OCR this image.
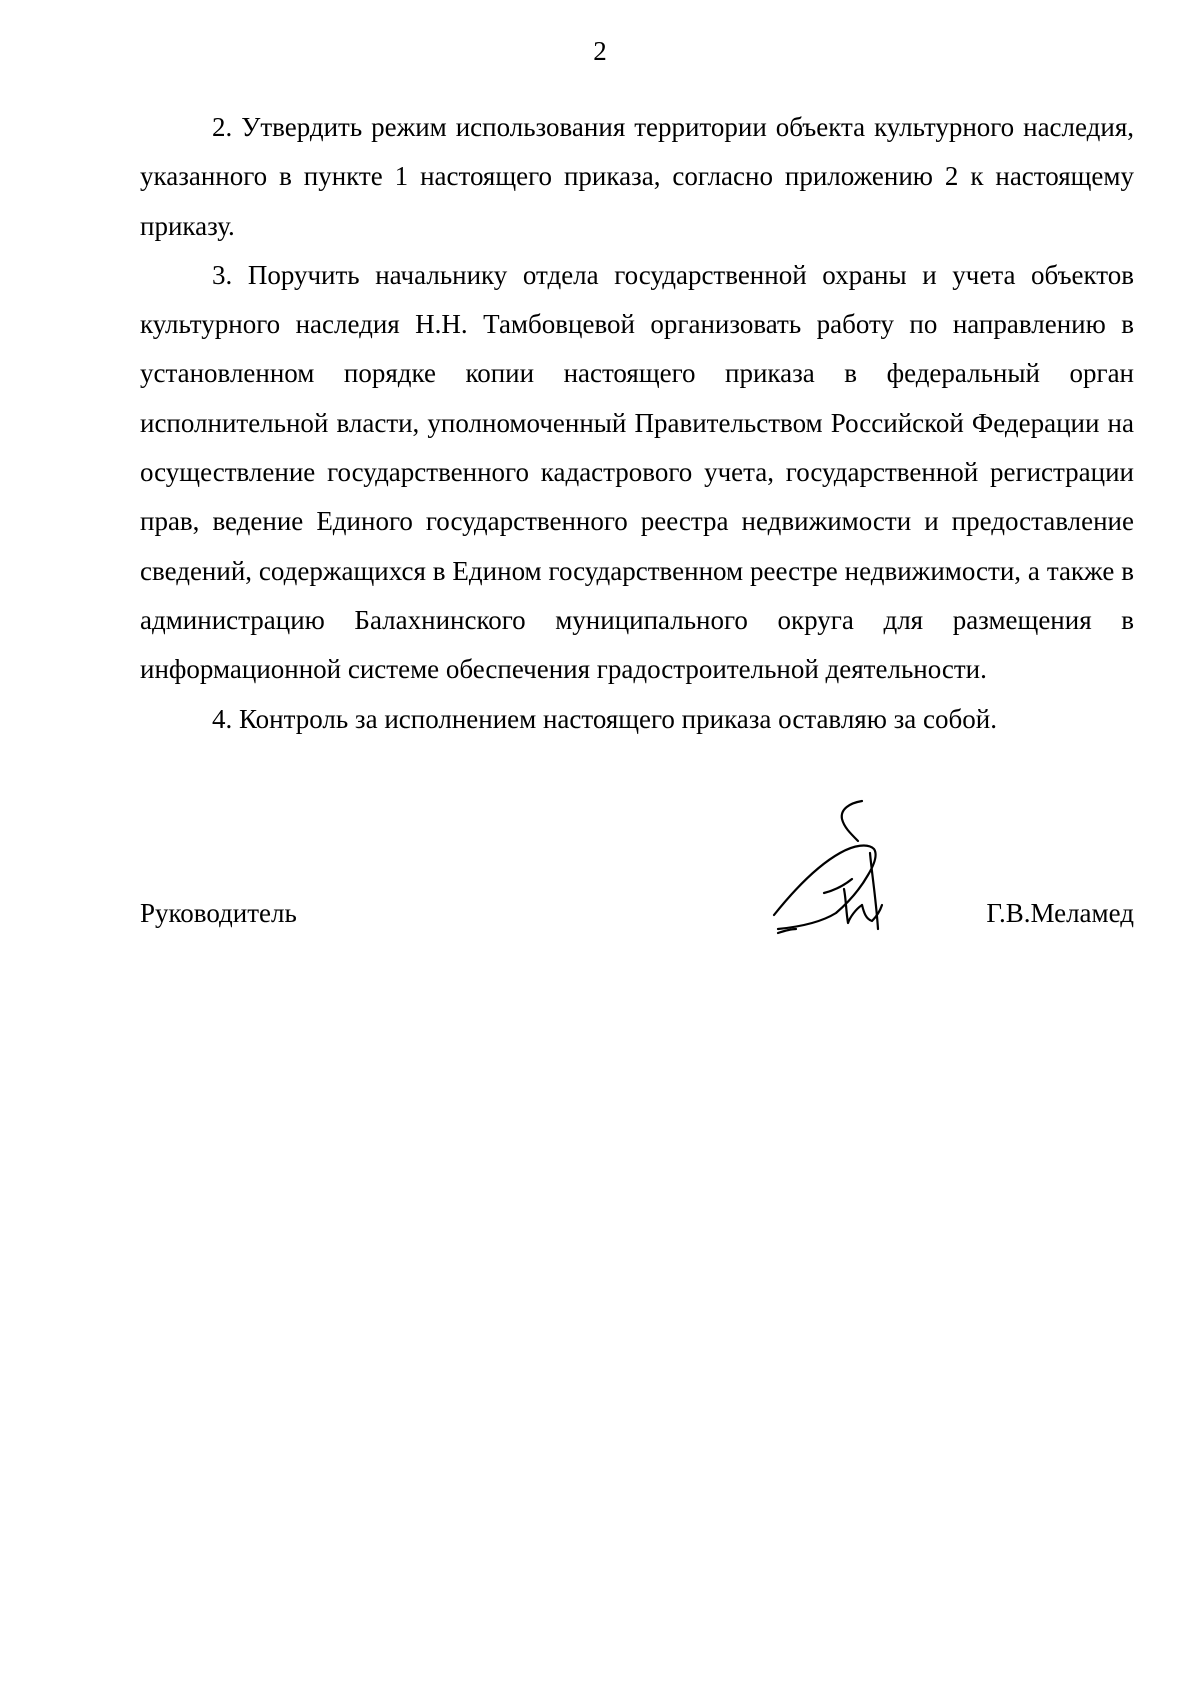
2

2. Утвердить режим использования территории объекта культурного наследия, указанного в пункте 1 настоящего приказа, согласно приложению 2 к настоящему приказу.

3. Поручить начальнику отдела государственной охраны и учета объектов культурного наследия Н.Н. Тамбовцевой организовать работу по направлению в установленном порядке копии настоящего приказа в федеральный орган исполнительной власти, уполномоченный Правительством Российской Федерации на осуществление государственного кадастрового учета, государственной регистрации прав, ведение Единого государственного реестра недвижимости и предоставление сведений, содержащихся в Едином государственном реестре недвижимости, а также в администрацию Балахнинского муниципального округа для размещения в информационной системе обеспечения градостроительной деятельности.

4. Контроль за исполнением настоящего приказа оставляю за собой.

Руководитель	Г.В.Меламед
